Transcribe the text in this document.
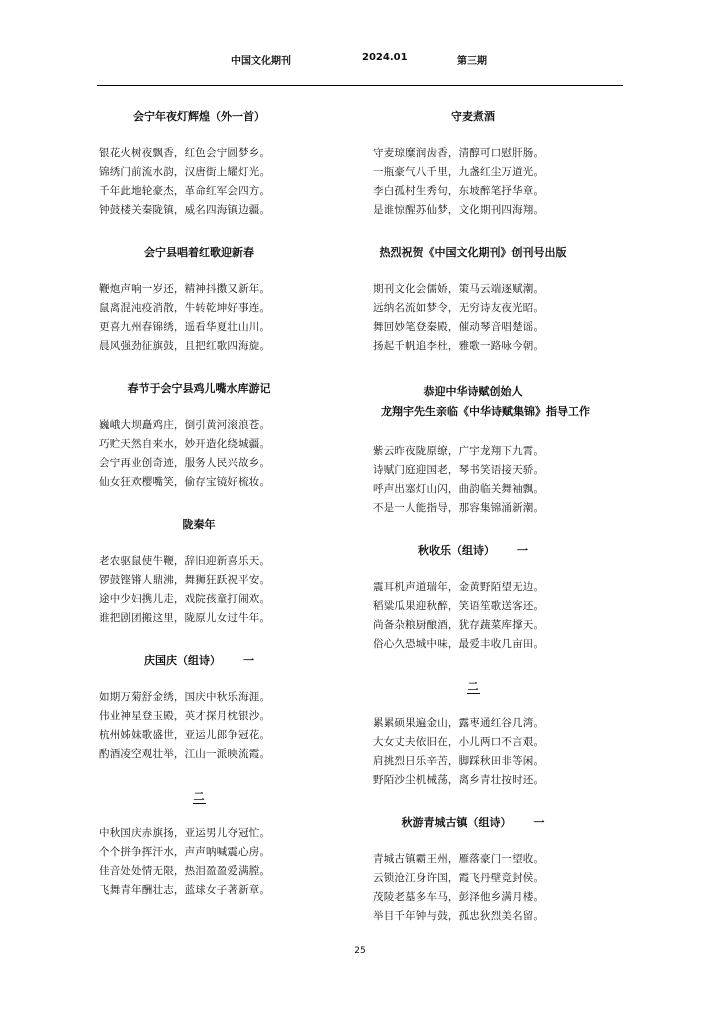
中国文化期刊	2024.01	第三期
会宁年夜灯辉煌（外一首）
银花火树夜飘香，红色会宁圆梦乡。
锦绣门前流水韵，汉唐街上耀灯光。
千年此地轮豪杰，革命红军会四方。
钟鼓楼关秦陇镇，威名四海镇边疆。
会宁县唱着红歌迎新春
鞭炮声响一岁还，精神抖擞又新年。
鼠离混沌疫消散，牛转乾坤好事连。
更喜九州春锦绣，遥看华夏壮山川。
晨风强劲征旗鼓，且把红歌四海旋。
春节于会宁县鸡儿嘴水库游记
巍峨大坝矗鸡庄，倒引黄河滚浪苍。
巧贮天然自来水，妙开造化绕城疆。
会宁再业创奇迹，服务人民兴故乡。
仙女狂欢樱嘴笑，偷存宝镜好梳妆。
陇秦年
老农驱鼠使牛鞭，辞旧迎新喜乐天。
锣鼓铿锵人鼎沸，舞狮狂跃祝平安。
途中少妇携儿走，戏院孩童打闹欢。
谁把剧团搬这里，陇原儿女过牛年。
庆国庆（组诗） 一
如期万菊舒金绣，国庆中秋乐海涯。
伟业神星登玉殿，英才探月枕银沙。
杭州姊妹歌盛世，亚运儿郎争冠花。
酌酒凌空观壮举，江山一派映流霞。
二
中秋国庆赤旗扬，亚运男儿夺冠忙。
个个拼争挥汗水，声声呐喊震心房。
佳音处处情无限，热泪盈盈爱满膛。
飞舞青年酬壮志，蓝球女子著新章。
守麦煮酒
守麦琼糜润齿香，清醇可口慰肝肠。
一瓶豪气八千里，九盏红尘万道光。
李白孤村生秀句，东坡醉笔抒华章。
是谁惊醒苏仙梦，文化期刊四海翔。
热烈祝贺《中国文化期刊》创刊号出版
期刊文化会儒娇，策马云端逐赋潮。
远纳名流如梦令，无穷诗友夜光昭。
舞回妙笔登秦殿，催动琴音唱楚谣。
扬起千帆追李杜，雅歌一路咏今朝。
恭迎中华诗赋创始人
龙翔宇先生亲临《中华诗赋集锦》指导工作
紫云昨夜陇原缭，广宇龙翔下九霄。
诗赋门庭迎国老，琴书笑语接天骄。
呼声出塞灯山闪，曲韵临关舞袖飘。
不是一人能指导，那容集锦涌新潮。
秋收乐（组诗） 一
震耳机声道瑞年，金黄野陌望无边。
稻粱瓜果迎秋醉，笑语笙歌送客还。
尚备杂粮厨酿酒，犹存蔬菜库撑天。
俗心久恐城中味，最爱丰收几亩田。
二
累累硕果遍金山，露枣通红谷几湾。
大女丈夫依旧在，小儿两口不言艰。
肩挑烈日乐辛苦，脚踩秋田非等闲。
野陌沙尘机械荡，离乡青壮按时还。
秋游青城古镇（组诗） 一
青城古镇霸王州，雁落豪门一望收。
云锁沧江身许国，霞飞丹壁竞封侯。
茂陵老墓多车马，彭泽他乡满月楼。
举目千年钟与鼓，孤忠狄烈美名留。
25
